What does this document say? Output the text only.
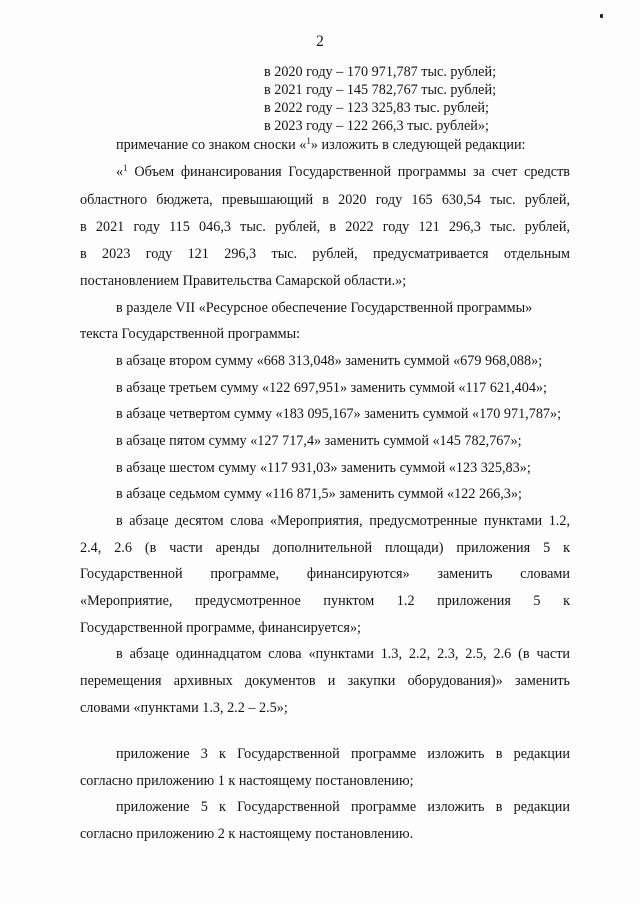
2
в 2020 году – 170 971,787 тыс. рублей;
в 2021 году – 145 782,767 тыс. рублей;
в 2022 году – 123 325,83 тыс. рублей;
в 2023 году – 122 266,3 тыс. рублей»;
примечание со знаком сноски «$^1$» изложить в следующей редакции:
«$^1$ Объем финансирования Государственной программы за счет средств
областного бюджета, превышающий в 2020 году 165 630,54 тыс. рублей,
в 2021 году 115 046,3 тыс. рублей, в 2022 году 121 296,3 тыс. рублей,
в 2023 году 121 296,3 тыс. рублей, предусматривается отдельным
постановлением Правительства Самарской области.»;
в разделе VII «Ресурсное обеспечение Государственной программы»
текста Государственной программы:
в абзаце втором сумму «668 313,048» заменить суммой «679 968,088»;
в абзаце третьем сумму «122 697,951» заменить суммой «117 621,404»;
в абзаце четвертом сумму «183 095,167» заменить суммой «170 971,787»;
в абзаце пятом сумму «127 717,4» заменить суммой «145 782,767»;
в абзаце шестом сумму «117 931,03» заменить суммой «123 325,83»;
в абзаце седьмом сумму «116 871,5» заменить суммой «122 266,3»;
в абзаце десятом слова «Мероприятия, предусмотренные пунктами 1.2,
2.4, 2.6 (в части аренды дополнительной площади) приложения 5 к
Государственной программе, финансируются» заменить словами
«Мероприятие, предусмотренное пунктом 1.2 приложения 5 к
Государственной программе, финансируется»;
в абзаце одиннадцатом слова «пунктами 1.3, 2.2, 2.3, 2.5, 2.6 (в части
перемещения архивных документов и закупки оборудования)» заменить
словами «пунктами 1.3, 2.2 – 2.5»;
приложение 3 к Государственной программе изложить в редакции
согласно приложению 1 к настоящему постановлению;
приложение 5 к Государственной программе изложить в редакции
согласно приложению 2 к настоящему постановлению.
